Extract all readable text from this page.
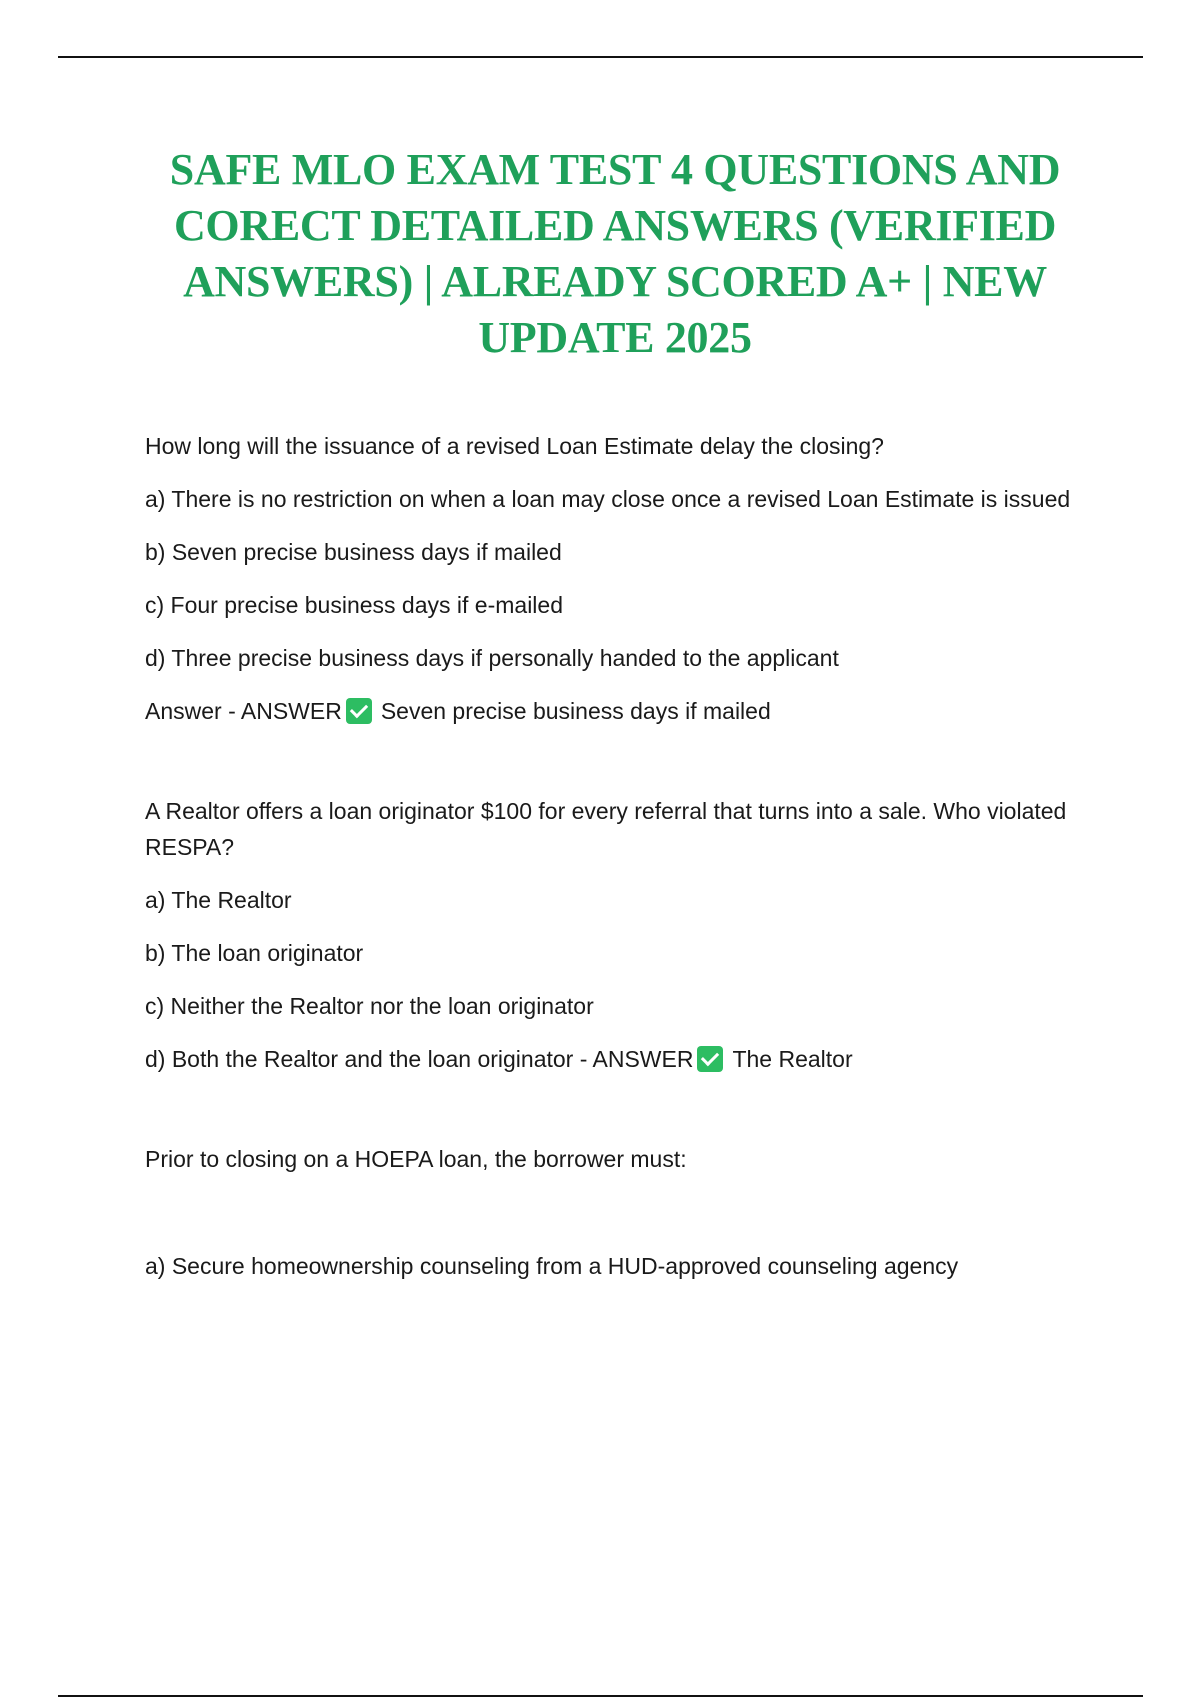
SAFE MLO EXAM TEST 4 QUESTIONS AND CORECT DETAILED ANSWERS (VERIFIED ANSWERS) | ALREADY SCORED A+ | NEW UPDATE 2025

How long will the issuance of a revised Loan Estimate delay the closing?

a) There is no restriction on when a loan may close once a revised Loan Estimate is issued

b) Seven precise business days if mailed

c) Four precise business days if e-mailed

d) Three precise business days if personally handed to the applicant

Answer - ANSWER Seven precise business days if mailed

A Realtor offers a loan originator $100 for every referral that turns into a sale. Who violated RESPA?

a) The Realtor

b) The loan originator

c) Neither the Realtor nor the loan originator

d) Both the Realtor and the loan originator - ANSWER The Realtor

Prior to closing on a HOEPA loan, the borrower must:

a) Secure homeownership counseling from a HUD-approved counseling agency
